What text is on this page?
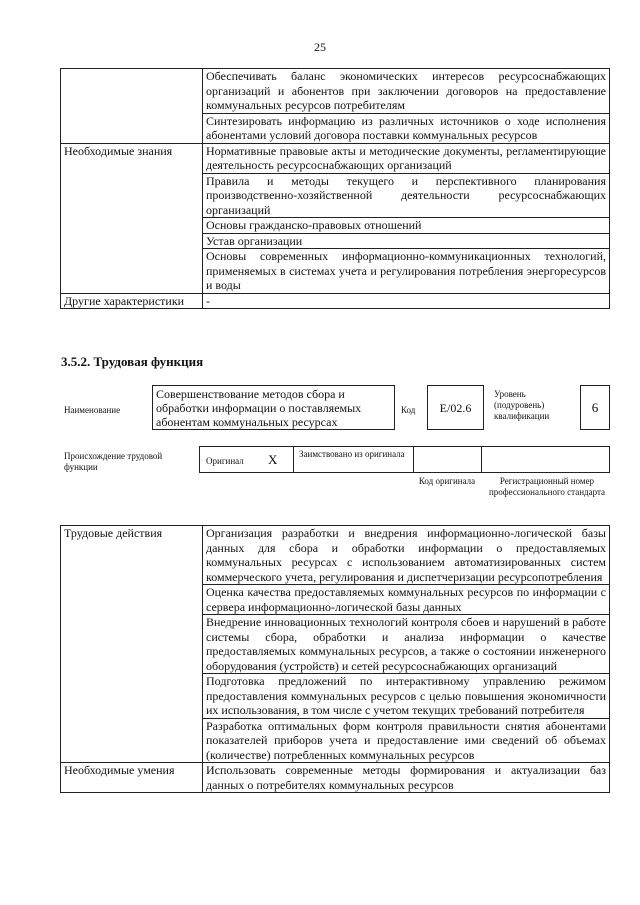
25
	Обеспечивать баланс экономических интересов ресурсоснабжающих организаций и абонентов при заключении договоров на предоставление коммунальных ресурсов потребителям
	Синтезировать информацию из различных источников о ходе исполнения абонентами условий договора поставки коммунальных ресурсов
Необходимые знания	Нормативные правовые акты и методические документы, регламентирующие деятельность ресурсоснабжающих организаций
	Правила и методы текущего и перспективного планирования производственно-хозяйственной деятельности ресурсоснабжающих организаций
	Основы гражданско-правовых отношений
	Устав организации
	Основы современных информационно-коммуникационных технологий, применяемых в системах учета и регулирования потребления энергоресурсов и воды
Другие характеристики	-
3.5.2. Трудовая функция
Наименование
Совершенствование методов сбора и обработки информации о поставляемых абонентам коммунальных ресурсах
Код	E/02.6
Уровень (подуровень) квалификации
6
Происхождение трудовой функции
Оригинал X Заимствовано из оригинала
Код оригинала	Регистрационный номер профессионального стандарта
Трудовые действия	Организация разработки и внедрения информационно-логической базы данных для сбора и обработки информации о предоставляемых коммунальных ресурсах с использованием автоматизированных систем коммерческого учета, регулирования и диспетчеризации ресурсопотребления
	Оценка качества предоставляемых коммунальных ресурсов по информации с сервера информационно-логической базы данных
	Внедрение инновационных технологий контроля сбоев и нарушений в работе системы сбора, обработки и анализа информации о качестве предоставляемых коммунальных ресурсов, а также о состоянии инженерного оборудования (устройств) и сетей ресурсоснабжающих организаций
	Подготовка предложений по интерактивному управлению режимом предоставления коммунальных ресурсов с целью повышения экономичности их использования, в том числе с учетом текущих требований потребителя
	Разработка оптимальных форм контроля правильности снятия абонентами показателей приборов учета и предоставление ими сведений об объемах (количестве) потребленных коммунальных ресурсов
Необходимые умения	Использовать современные методы формирования и актуализации баз данных о потребителях коммунальных ресурсов
